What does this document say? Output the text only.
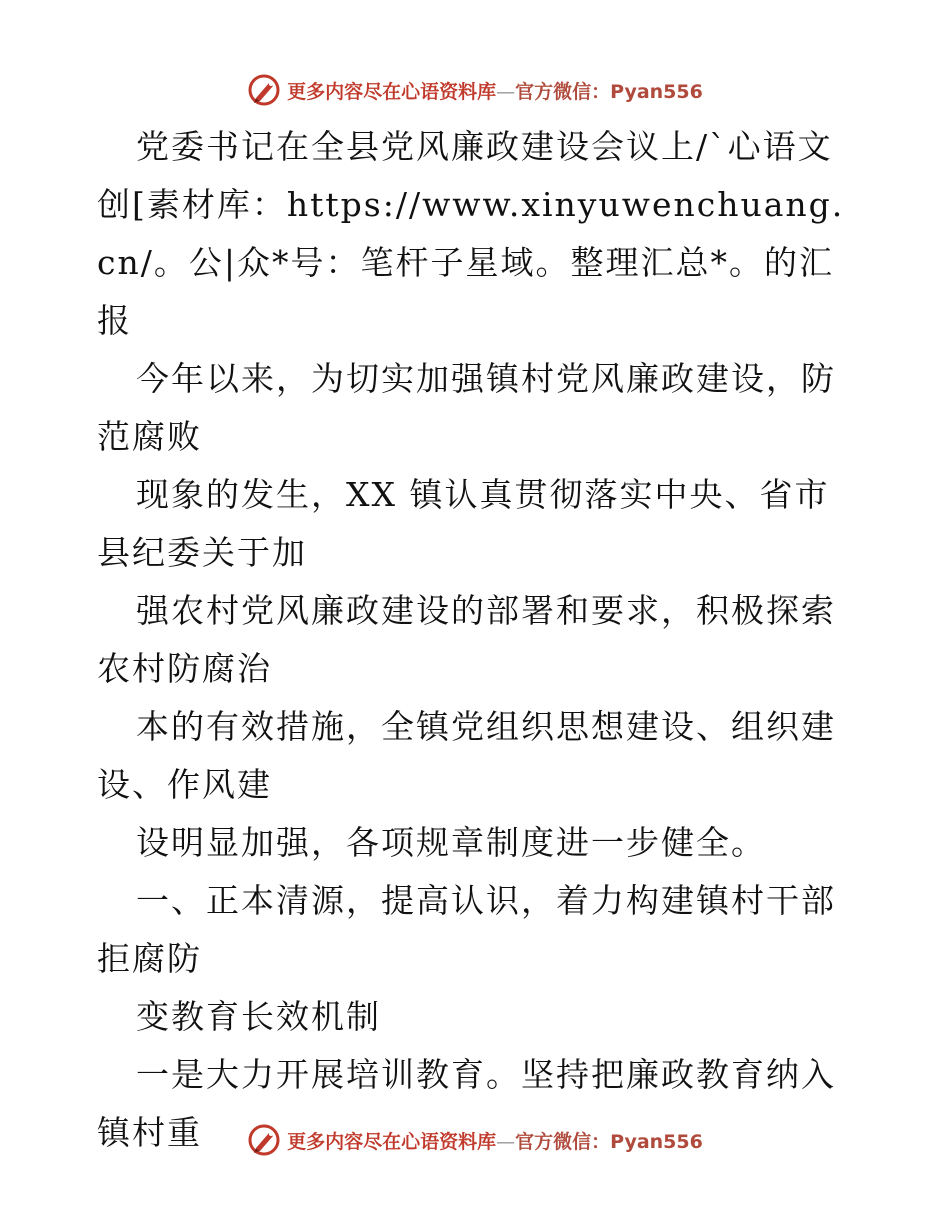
更多内容尽在心语资料库—官方微信：Pyan556

党委书记在全县党风廉政建设会议上/`心语文创[素材库：https://www.xinyuwenchuang.cn/。公|众*号：笔杆子星域。整理汇总*。的汇报

今年以来，为切实加强镇村党风廉政建设，防范腐败

现象的发生，XX 镇认真贯彻落实中央、省市县纪委关于加

强农村党风廉政建设的部署和要求，积极探索农村防腐治

本的有效措施，全镇党组织思想建设、组织建设、作风建

设明显加强，各项规章制度进一步健全。

一、正本清源，提高认识，着力构建镇村干部拒腐防

变教育长效机制

一是大力开展培训教育。坚持把廉政教育纳入镇村重	更多内容尽在心语资料库—官方微信：Pyan556
